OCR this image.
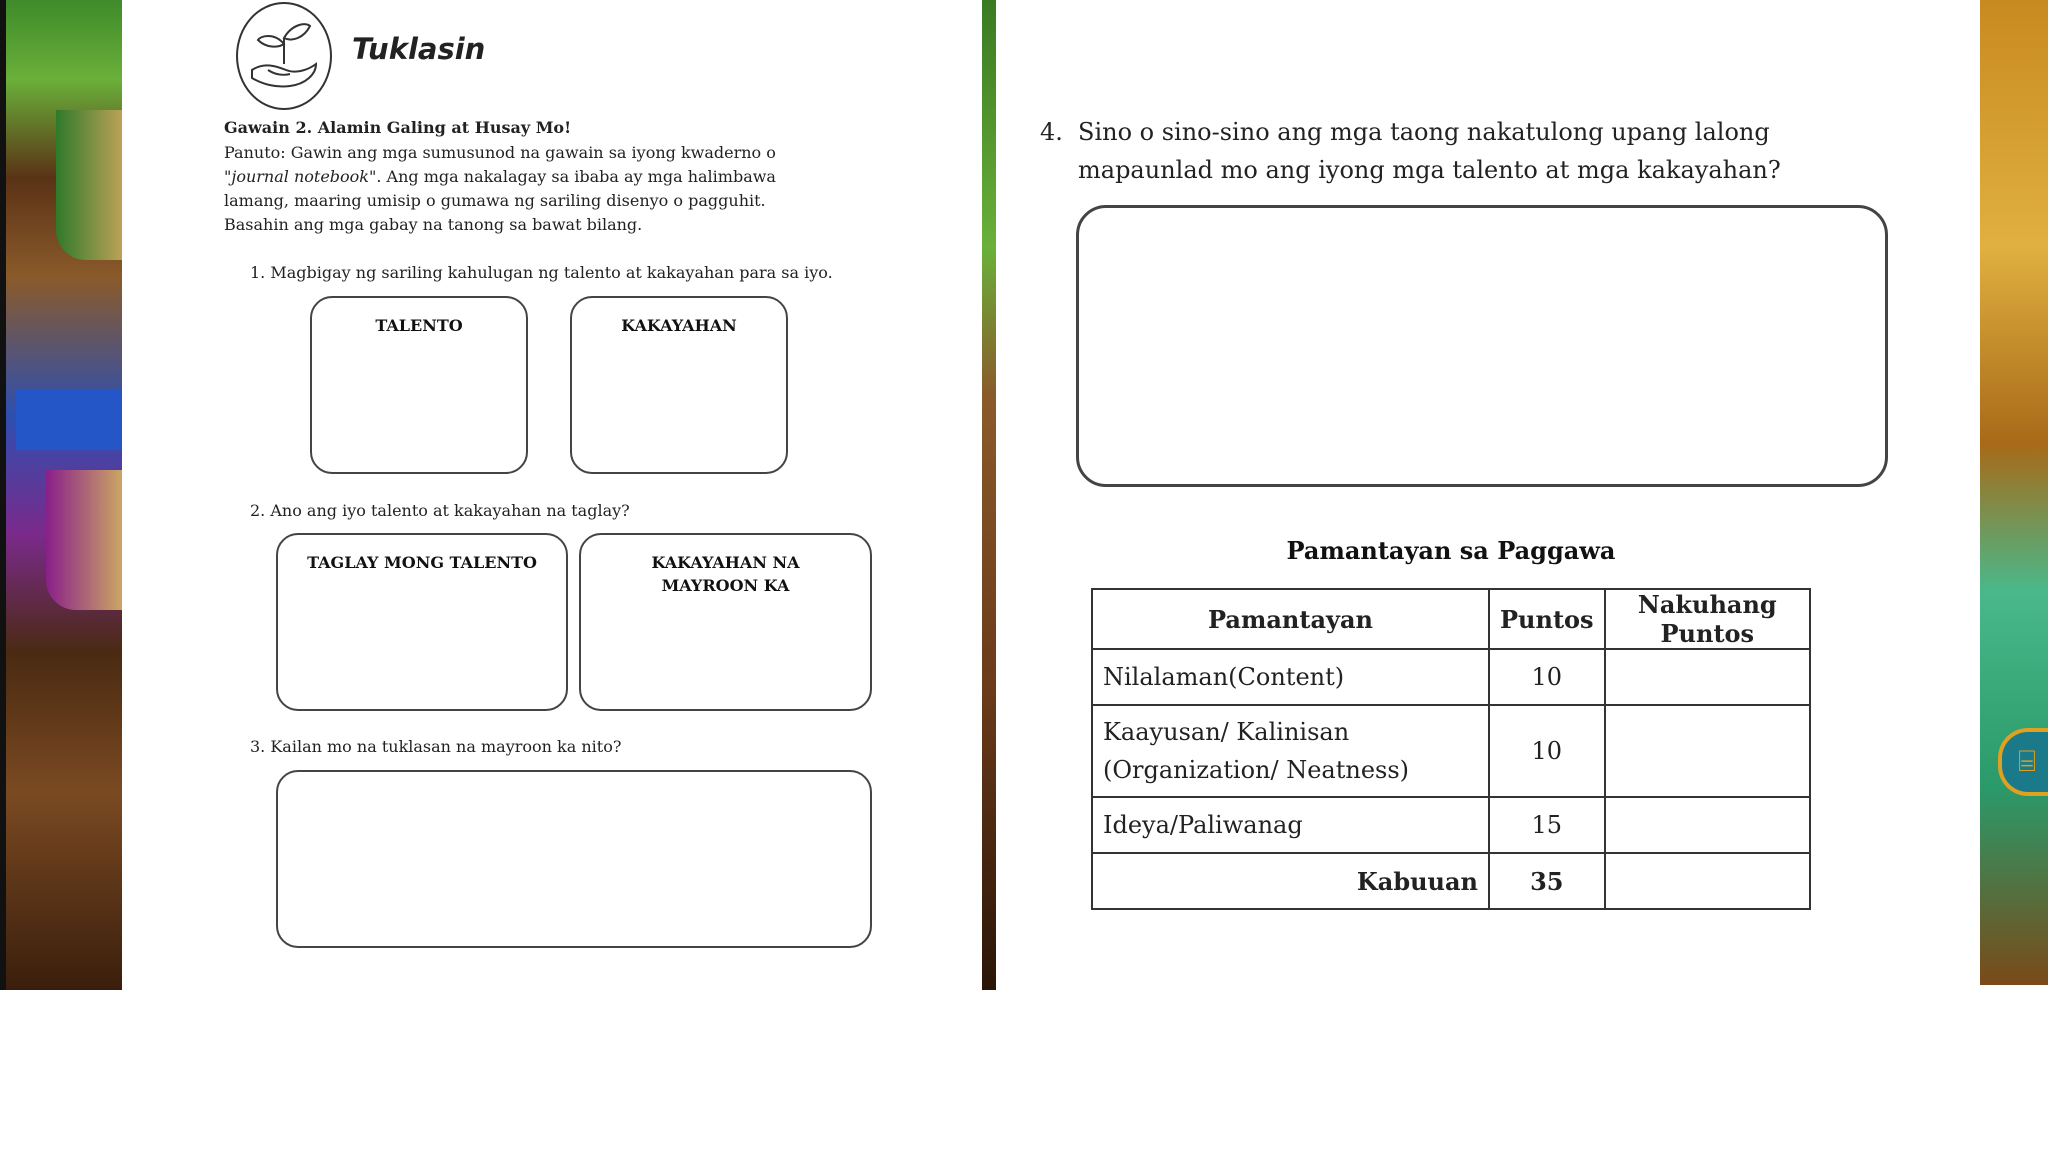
⌸
Tuklasin
Gawain 2. Alamin Galing at Husay Mo!
Panuto: Gawin ang mga sumusunod na gawain sa iyong kwaderno o "journal notebook". Ang mga nakalagay sa ibaba ay mga halimbawa lamang, maaring umisip o gumawa ng sariling disenyo o pagguhit. Basahin ang mga gabay na tanong sa bawat bilang.
1. Magbigay ng sariling kahulugan ng talento at kakayahan para sa iyo.
TALENTO	KAKAYAHAN
2. Ano ang iyo talento at kakayahan na taglay?
TAGLAY MONG TALENTO	KAKAYAHAN NA MAYROON KA
3. Kailan mo na tuklasan na mayroon ka nito?
4. Sino o sino-sino ang mga taong nakatulong upang lalong mapaunlad mo ang iyong mga talento at mga kakayahan?
Pamantayan sa Paggawa
Pamantayan	Puntos	Nakuhang Puntos
Nilalaman(Content)	10	
Kaayusan/ Kalinisan
(Organization/ Neatness)	10	
Ideya/Paliwanag	15	
Kabuuan	35	
